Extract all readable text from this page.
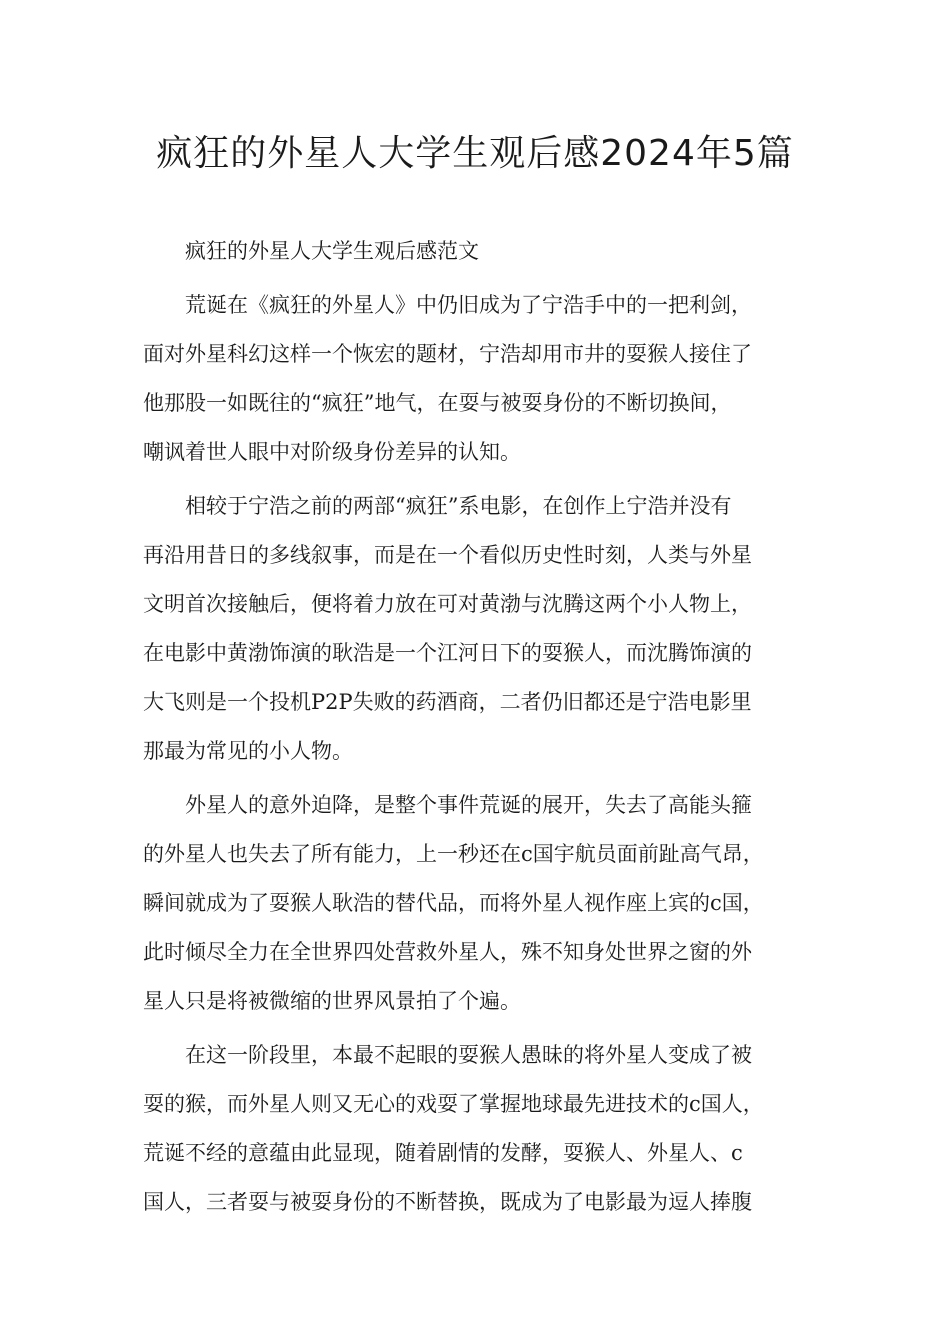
疯狂的外星人大学生观后感2024年5篇

疯狂的外星人大学生观后感范文

荒诞在《疯狂的外星人》中仍旧成为了宁浩手中的一把利剑，
面对外星科幻这样一个恢宏的题材，宁浩却用市井的耍猴人接住了
他那股一如既往的“疯狂”地气，在耍与被耍身份的不断切换间，
嘲讽着世人眼中对阶级身份差异的认知。

相较于宁浩之前的两部“疯狂”系电影，在创作上宁浩并没有
再沿用昔日的多线叙事，而是在一个看似历史性时刻，人类与外星
文明首次接触后，便将着力放在可对黄渤与沈腾这两个小人物上，
在电影中黄渤饰演的耿浩是一个江河日下的耍猴人，而沈腾饰演的
大飞则是一个投机P2P失败的药酒商，二者仍旧都还是宁浩电影里
那最为常见的小人物。

外星人的意外迫降，是整个事件荒诞的展开，失去了高能头箍
的外星人也失去了所有能力，上一秒还在c国宇航员面前趾高气昂，
瞬间就成为了耍猴人耿浩的替代品，而将外星人视作座上宾的c国，
此时倾尽全力在全世界四处营救外星人，殊不知身处世界之窗的外
星人只是将被微缩的世界风景拍了个遍。

在这一阶段里，本最不起眼的耍猴人愚昧的将外星人变成了被
耍的猴，而外星人则又无心的戏耍了掌握地球最先进技术的c国人，
荒诞不经的意蕴由此显现，随着剧情的发酵，耍猴人、外星人、c
国人，三者耍与被耍身份的不断替换，既成为了电影最为逗人捧腹
